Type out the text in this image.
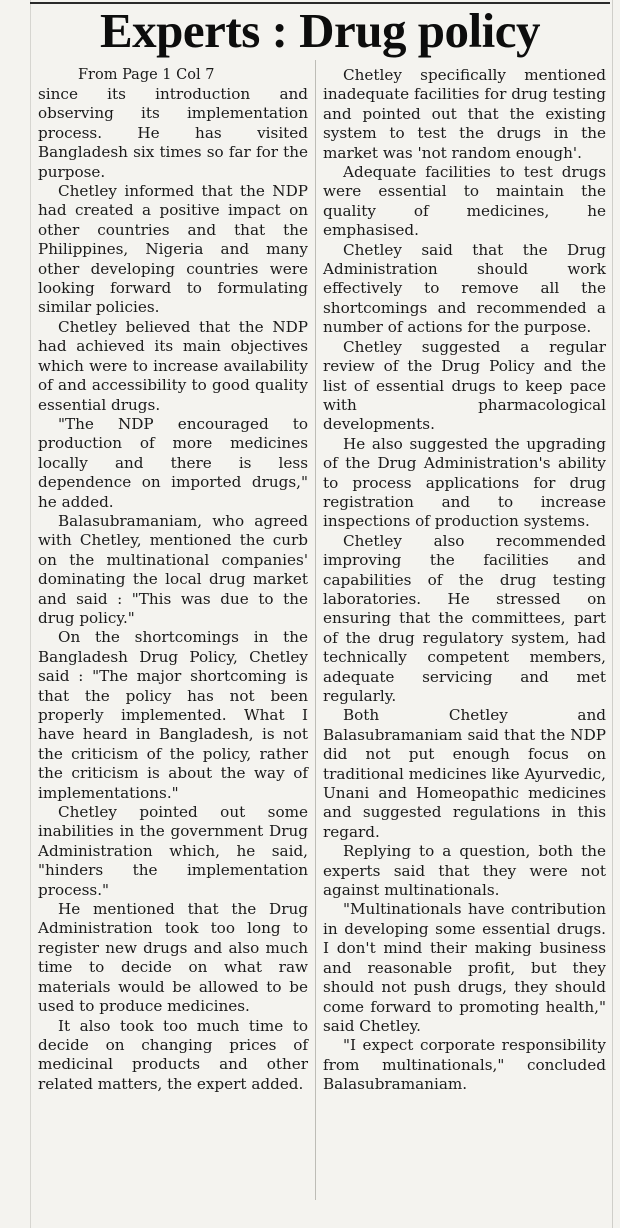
Experts : Drug policy

From Page 1 Col 7

since its introduction and observing its implementation process. He has visited Bangladesh six times so far for the purpose.

Chetley informed that the NDP had created a positive impact on other countries and that the Philippines, Nigeria and many other developing countries were looking forward to formulating similar policies.

Chetley believed that the NDP had achieved its main objectives which were to increase availability of and accessibility to good quality essential drugs.

"The NDP encouraged to production of more medicines locally and there is less dependence on imported drugs," he added.

Balasubramaniam, who agreed with Chetley, mentioned the curb on the multinational companies' dominating the local drug market and said : "This was due to the drug policy."

On the shortcomings in the Bangladesh Drug Policy, Chetley said : "The major shortcoming is that the policy has not been properly implemented. What I have heard in Bangladesh, is not the criticism of the policy, rather the criticism is about the way of implementations."

Chetley pointed out some inabilities in the government Drug Administration which, he said, "hinders the implementation process."

He mentioned that the Drug Administration took too long to register new drugs and also much time to decide on what raw materials would be allowed to be used to produce medicines.

It also took too much time to decide on changing prices of medicinal products and other related matters, the expert added.

Chetley specifically mentioned inadequate facilities for drug testing and pointed out that the existing system to test the drugs in the market was 'not random enough'.

Adequate facilities to test drugs were essential to maintain the quality of medicines, he emphasised.

Chetley said that the Drug Administration should work effectively to remove all the shortcomings and recommended a number of actions for the purpose.

Chetley suggested a regular review of the Drug Policy and the list of essential drugs to keep pace with pharmacological developments.

He also suggested the upgrading of the Drug Administration's ability to process applications for drug registration and to increase inspections of production systems.

Chetley also recommended improving the facilities and capabilities of the drug testing laboratories. He stressed on ensuring that the committees, part of the drug regulatory system, had technically competent members, adequate servicing and met regularly.

Both Chetley and Balasubramaniam said that the NDP did not put enough focus on traditional medicines like Ayurvedic, Unani and Homeopathic medicines and suggested regulations in this regard.

Replying to a question, both the experts said that they were not against multinationals.

"Multinationals have contribution in developing some essential drugs. I don't mind their making business and reasonable profit, but they should not push drugs, they should come forward to promoting health," said Chetley.

"I expect corporate responsibility from multinationals," concluded Balasubramaniam.
